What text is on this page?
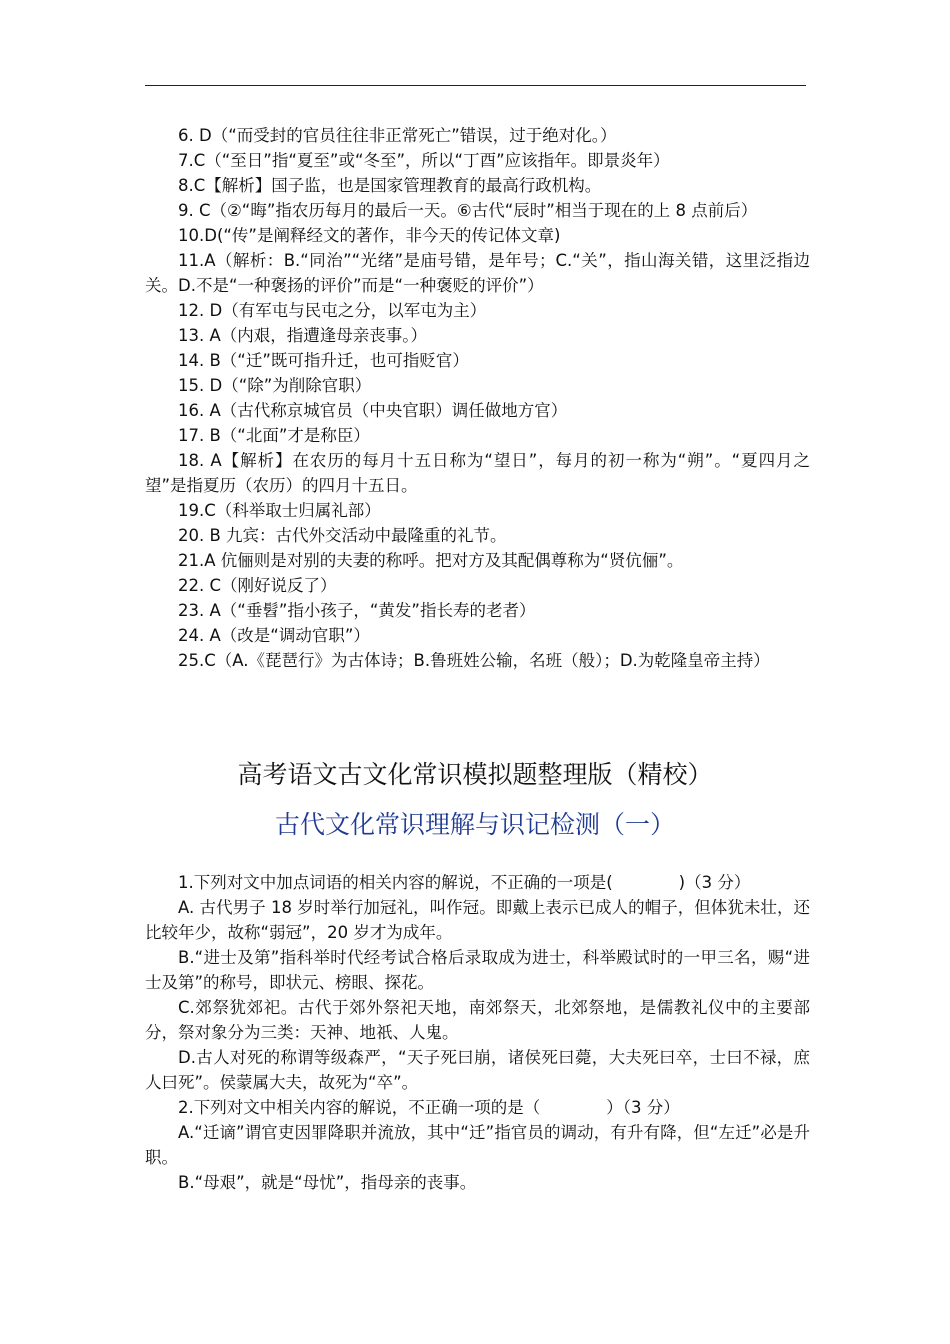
6. D（“而受封的官员往往非正常死亡”错误，过于绝对化。）
7.C（“至日”指“夏至”或“冬至”，所以“丁酉”应该指年。即景炎年）
8.C【解析】国子监，也是国家管理教育的最高行政机构。
9. C（②“晦”指农历每月的最后一天。⑥古代“辰时”相当于现在的上 8 点前后）
10.D(“传”是阐释经文的著作，非今天的传记体文章)
11.A（解析：B.“同治”“光绪”是庙号错，是年号；C.“关”，指山海关错，这里泛指边关。D.不是“一种褒扬的评价”而是“一种褒贬的评价”）
12. D（有军屯与民屯之分，以军屯为主）
13. A（内艰，指遭逢母亲丧事。）
14. B（“迁”既可指升迁，也可指贬官）
15. D（“除”为削除官职）
16. A（古代称京城官员（中央官职）调任做地方官）
17. B（“北面”才是称臣）
18. A【解析】在农历的每月十五日称为“望日”，每月的初一称为“朔”。“夏四月之望”是指夏历（农历）的四月十五日。
19.C（科举取士归属礼部）
20. B 九宾：古代外交活动中最隆重的礼节。
21.A 伉俪则是对别的夫妻的称呼。把对方及其配偶尊称为“贤伉俪”。
22. C（刚好说反了）
23. A（“垂髫”指小孩子，“黄发”指长寿的老者）
24. A（改是“调动官职”）
25.C（A.《琵琶行》为古体诗；B.鲁班姓公输，名班（般）；D.为乾隆皇帝主持）
高考语文古文化常识模拟题整理版（精校）
古代文化常识理解与识记检测（一）
1.下列对文中加点词语的相关内容的解说，不正确的一项是(　　　　)（3 分）
A. 古代男子 18 岁时举行加冠礼，叫作冠。即戴上表示已成人的帽子，但体犹未壮，还比较年少，故称“弱冠”，20 岁才为成年。
B.“进士及第”指科举时代经考试合格后录取成为进士，科举殿试时的一甲三名，赐“进士及第”的称号，即状元、榜眼、探花。
C.郊祭犹郊祀。古代于郊外祭祀天地，南郊祭天，北郊祭地，是儒教礼仪中的主要部分，祭对象分为三类：天神、地祇、人鬼。
D.古人对死的称谓等级森严，“天子死曰崩，诸侯死曰薨，大夫死曰卒，士曰不禄，庶人曰死”。侯蒙属大夫，故死为“卒”。
2.下列对文中相关内容的解说，不正确一项的是（　　　　）（3 分）
A.“迁谪”谓官吏因罪降职并流放，其中“迁”指官员的调动，有升有降，但“左迁”必是升职。
B.“母艰”，就是“母忧”，指母亲的丧事。
